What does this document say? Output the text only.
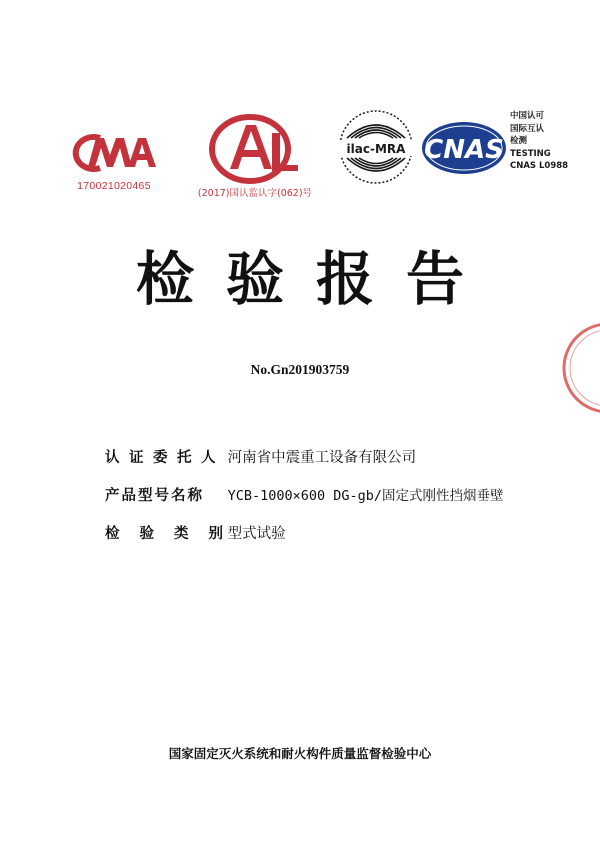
170021020465
(2017)国认监认字(062)号
ilac-MRA CNAS
中国认可
国际互认
检测
TESTING
CNAS L0988
检验报告
No.Gn201903759
认证委托人 河南省中震重工设备有限公司
产品型号名称 YCB-1000×600 DG-gb/固定式刚性挡烟垂壁
检验类别 型式试验
国家固定灭火系统和耐火构件质量监督检验中心
